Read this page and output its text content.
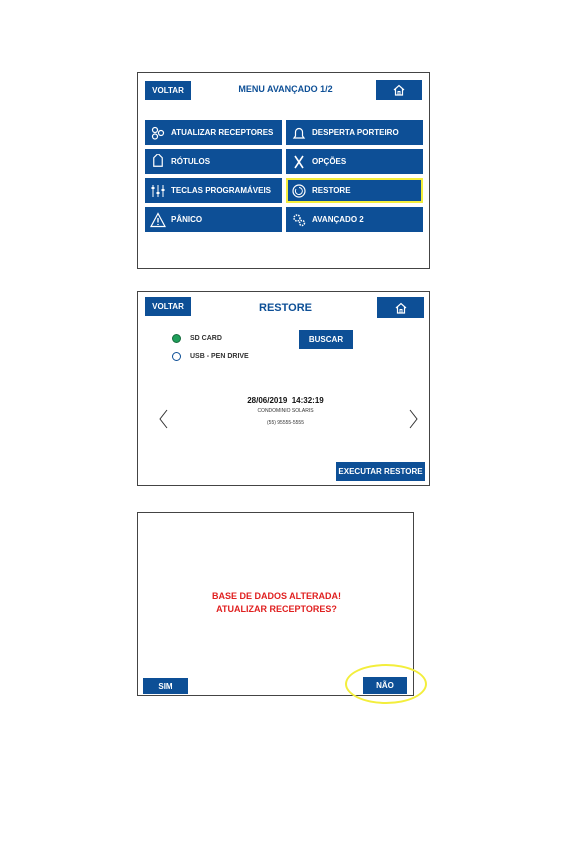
VOLTAR	MENU AVANÇADO 1/2
ATUALIZAR RECEPTORES	DESPERTA PORTEIRO
RÓTULOS	OPÇÕES
TECLAS PROGRAMÁVEIS	RESTORE
PÂNICO	AVANÇADO 2
VOLTAR	RESTORE
SD CARD
USB - PEN DRIVE
BUSCAR
28/06/2019  14:32:19
CONDOMINIO SOLARIS
(55) 95555-5555
EXECUTAR RESTORE
BASE DE DADOS ALTERADA!
ATUALIZAR RECEPTORES?
SIM	NÃO
